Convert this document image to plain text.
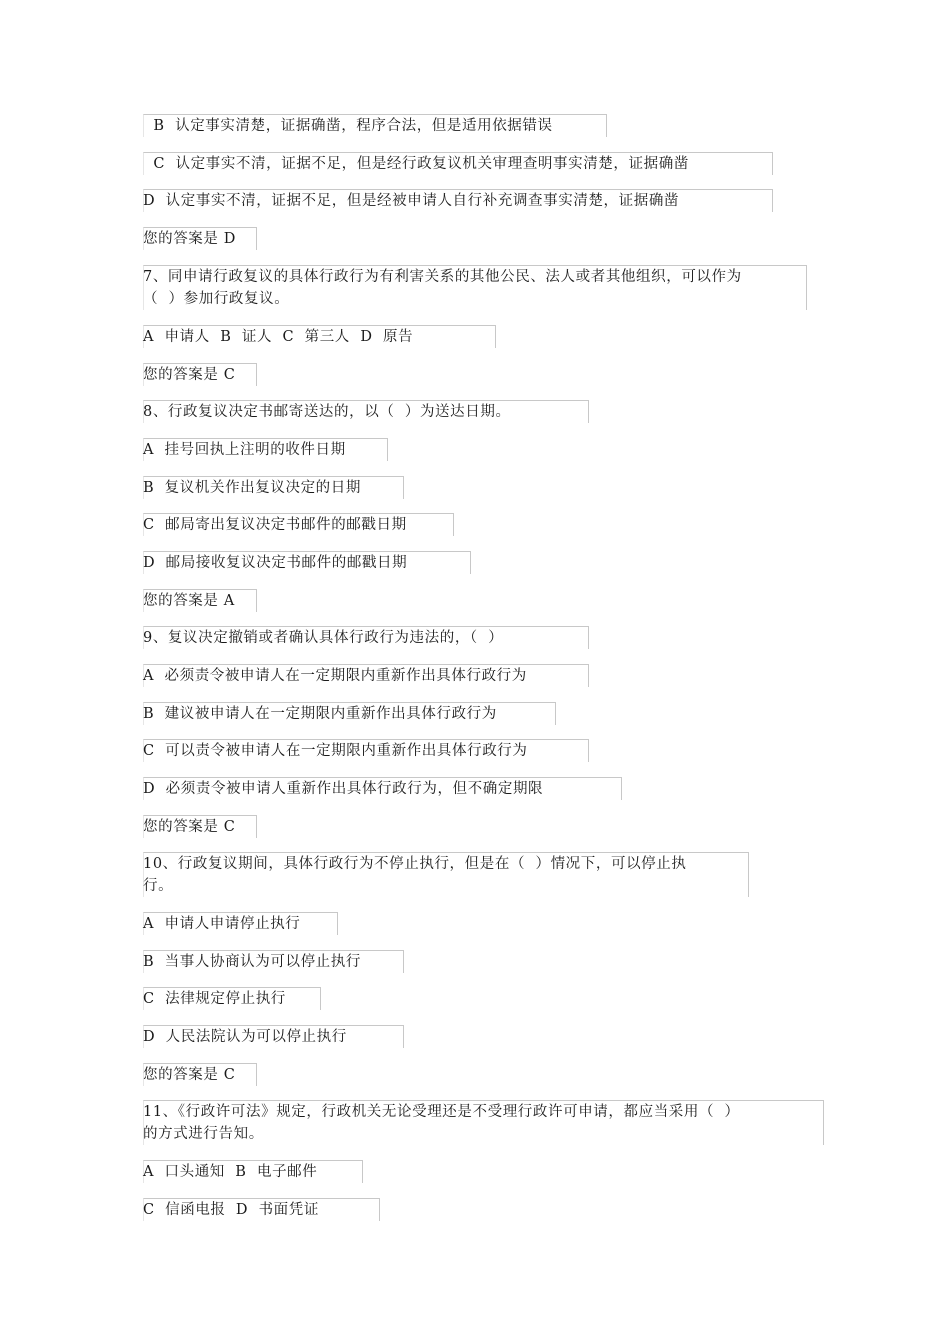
B  认定事实清楚，证据确凿，程序合法，但是适用依据错误
C  认定事实不清，证据不足，但是经行政复议机关审理查明事实清楚，证据确凿
D  认定事实不清，证据不足，但是经被申请人自行补充调查事实清楚，证据确凿
您的答案是 D
7、同申请行政复议的具体行政行为有利害关系的其他公民、法人或者其他组织，可以作为
（  ）参加行政复议。
A  申请人  B  证人  C  第三人  D  原告
您的答案是 C
8、行政复议决定书邮寄送达的，以（  ）为送达日期。
A  挂号回执上注明的收件日期
B  复议机关作出复议决定的日期
C  邮局寄出复议决定书邮件的邮戳日期
D  邮局接收复议决定书邮件的邮戳日期
您的答案是 A
9、复议决定撤销或者确认具体行政行为违法的，（  ）
A  必须责令被申请人在一定期限内重新作出具体行政行为
B  建议被申请人在一定期限内重新作出具体行政行为
C  可以责令被申请人在一定期限内重新作出具体行政行为
D  必须责令被申请人重新作出具体行政行为，但不确定期限
您的答案是 C
10、行政复议期间，具体行政行为不停止执行，但是在（  ）情况下，可以停止执
行。
A  申请人申请停止执行
B  当事人协商认为可以停止执行
C  法律规定停止执行
D  人民法院认为可以停止执行
您的答案是 C
11、《行政许可法》规定，行政机关无论受理还是不受理行政许可申请，都应当采用（  ）
的方式进行告知。
A  口头通知  B  电子邮件
C  信函电报  D  书面凭证
